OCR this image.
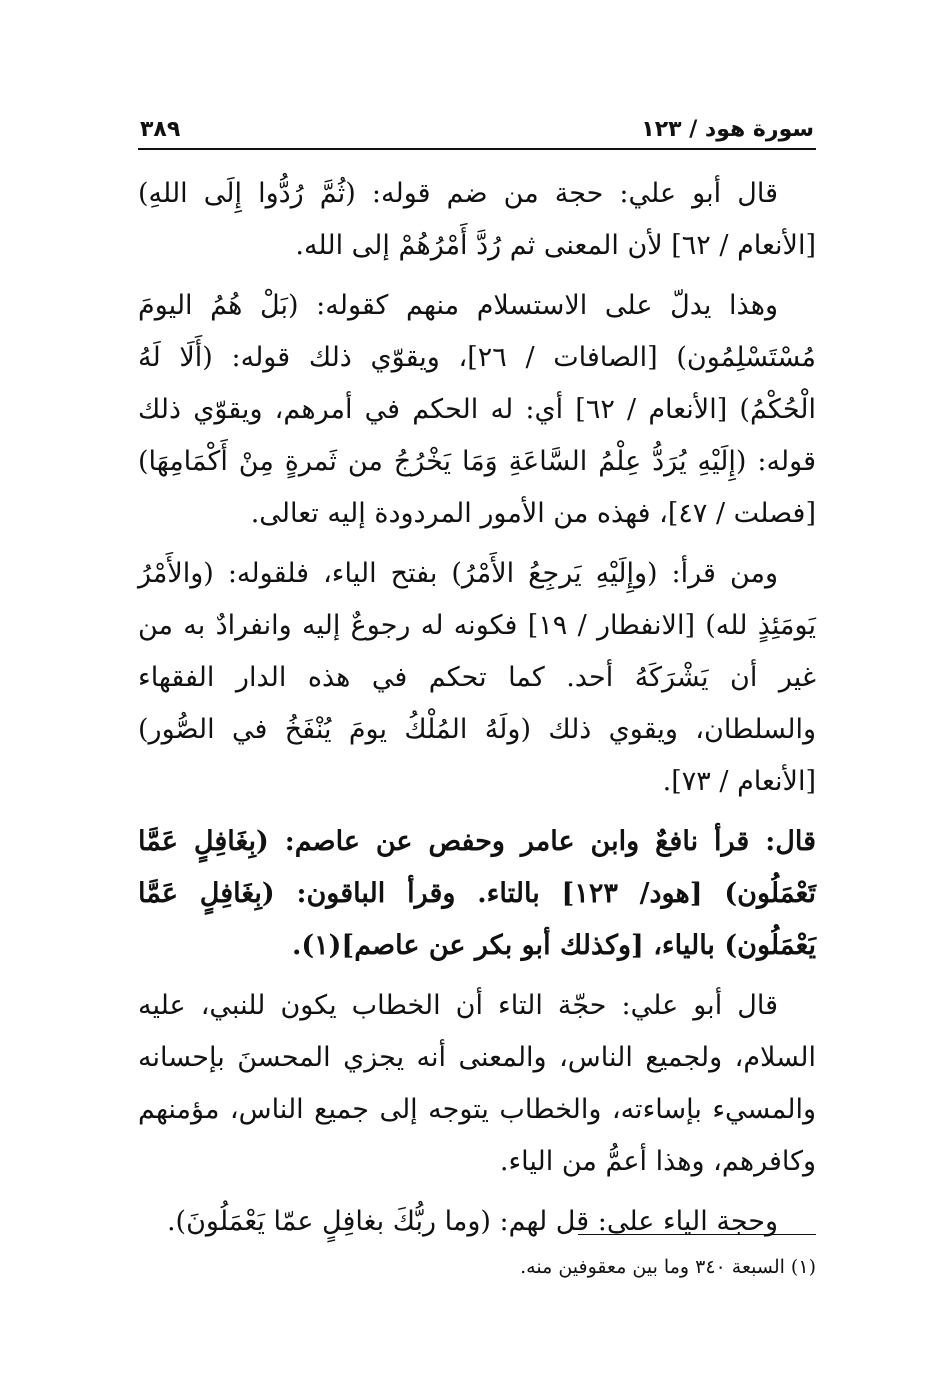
سورة هود / ١٢٣
٣٨٩

قال أبو علي: حجة من ضم قوله: (ثُمَّ رُدُّوا إِلَى اللهِ) [الأنعام / ٦٢] لأن المعنى ثم رُدَّ أَمْرُهُمْ إلى الله.

وهذا يدلّ على الاستسلام منهم كقوله: (بَلْ هُمُ اليومَ مُسْتَسْلِمُون) [الصافات / ٢٦]، ويقوّي ذلك قوله: (أَلَا لَهُ الْحُكْمُ) [الأنعام / ٦٢] أي: له الحكم في أمرهم، ويقوّي ذلك قوله: (إِلَيْهِ يُرَدُّ عِلْمُ السَّاعَةِ وَمَا يَخْرُجُ من ثَمرةٍ مِنْ أَكْمَامِهَا) [فصلت / ٤٧]، فهذه من الأمور المردودة إليه تعالى.

ومن قرأ: (وإِلَيْهِ يَرجِعُ الأَمْرُ) بفتح الياء، فلقوله: (والأَمْرُ يَومَئِذٍ لله) [الانفطار / ١٩] فكونه له رجوعٌ إليه وانفرادٌ به من غير أن يَشْرَكَهُ أحد. كما تحكم في هذه الدار الفقهاء والسلطان، ويقوي ذلك (ولَهُ المُلْكُ يومَ يُنْفَخُ في الصُّور) [الأنعام / ٧٣].

قال: قرأ نافعٌ وابن عامر وحفص عن عاصم: (بِغَافِلٍ عَمَّا تَعْمَلُون) [هود/ ١٢٣] بالتاء. وقرأ الباقون: (بِغَافِلٍ عَمَّا يَعْمَلُون) بالياء، [وكذلك أبو بكر عن عاصم](١).

قال أبو علي: حجّة التاء أن الخطاب يكون للنبي، عليه السلام، ولجميع الناس، والمعنى أنه يجزي المحسنَ بإحسانه والمسيء بإساءته، والخطاب يتوجه إلى جميع الناس، مؤمنهم وكافرهم، وهذا أعمُّ من الياء.

وحجة الياء على: قل لهم: (وما ربُّكَ بغافِلٍ عمّا يَعْمَلُونَ).

(١) السبعة ٣٤٠ وما بين معقوفين منه.
